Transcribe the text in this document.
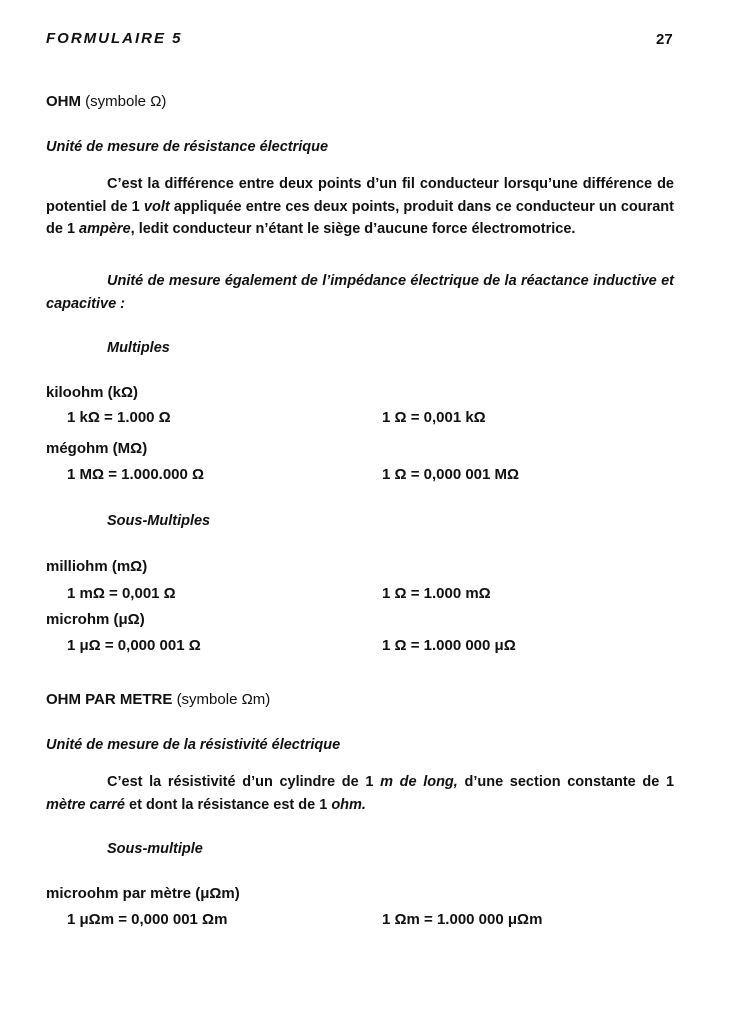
FORMULAIRE 5	27
OHM (symbole Ω)
Unité de mesure de résistance électrique
C’est la différence entre deux points d’un fil conducteur lorsqu’une différence de potentiel de 1 volt appliquée entre ces deux points, produit dans ce conducteur un courant de 1 ampère, ledit conducteur n’étant le siège d’aucune force électromotrice.
Unité de mesure également de l’impédance électrique de la réactance inductive et capacitive :
Multiples
kiloohm (kΩ)
1 kΩ = 1.000 Ω	1 Ω = 0,001 kΩ
mégohm (MΩ)
1 MΩ = 1.000.000 Ω	1 Ω = 0,000 001 MΩ
Sous-Multiples
milliohm (mΩ)
1 mΩ = 0,001 Ω	1 Ω = 1.000 mΩ
microhm (μΩ)
1 μΩ = 0,000 001 Ω	1 Ω = 1.000 000 μΩ
OHM PAR METRE (symbole Ωm)
Unité de mesure de la résistivité électrique
C’est la résistivité d’un cylindre de 1 m de long, d’une section constante de 1 mètre carré et dont la résistance est de 1 ohm.
Sous-multiple
microohm par mètre (μΩm)
1 μΩm = 0,000 001 Ωm	1 Ωm = 1.000 000 μΩm
